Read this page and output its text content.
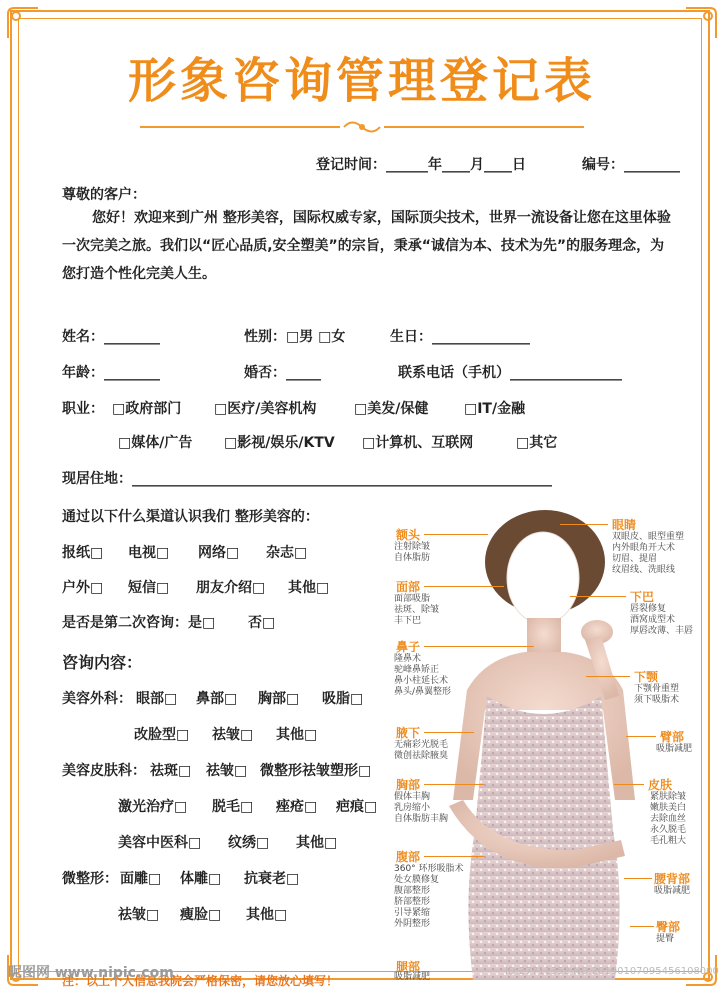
形象咨询管理登记表
登记时间：______年____月____日	编号：________
尊敬的客户：
您好！欢迎来到广州 整形美容，国际权威专家，国际顶尖技术，世界一流设备让您在这里体验一次完美之旅。我们以“匠心品质,安全塑美”的宗旨，秉承“诚信为本、技术为先”的服务理念，为您打造个性化完美人生。
姓名：________	性别：□男 □女	生日：______________
年龄：________	婚否：_____	联系电话（手机）________________
职业： □政府部门 □医疗/美容机构	□美发/保健	□IT/金融
□媒体/广告 □影视/娱乐/KTV □计算机、互联网	□其它
现居住地：____________________________________________________________
通过以下什么渠道认识我们 整形美容的：
报纸□ 电视□ 网络□ 杂志□
户外□ 短信□ 朋友介绍□ 其他□
是否是第二次咨询：是□ 否□
咨询内容：
美容外科： 眼部□ 鼻部□ 胸部□ 吸脂□
改脸型□ 祛皱□ 其他□
美容皮肤科： 祛斑□ 祛皱□ 微整形祛皱塑形□
激光治疗□ 脱毛□ 痤疮□ 疤痕□
美容中医科□ 纹绣□ 其他□
微整形： 面雕□ 体雕□ 抗衰老□
祛皱□ 瘦脸□ 其他□
额头
注射除皱
自体脂肪
面部
面部吸脂
祛斑、除皱
丰下巴
鼻子
隆鼻术
驼峰鼻矫正
鼻小柱延长术
鼻头/鼻翼整形
腋下
无痛彩光脱毛
微创祛除腋臭
胸部
假体丰胸
乳房缩小
自体脂肪丰胸
腹部
360° 环形吸脂术
处女膜修复
腹部整形
脐部整形
引导紧缩
外阴整形
腿部
吸脂减肥
眼睛
双眼皮、眼型重塑
内外眼角开大术
切眉、提眉
纹眉线、洗眼线
下巴
唇裂修复
酒窝成型术
厚唇改薄、丰唇
下颚
下颚骨重塑
须下吸脂术
臂部
吸脂减肥
皮肤
紧肤除皱
嫩肤美白
去除血丝
永久脱毛
毛孔粗大
腰背部
吸脂减肥
臀部
提臀
注：以上个人信息我院会严格保密，请您放心填写！
昵图网 www.nipic.com	ID:27711352 NO:20190107095456108000
